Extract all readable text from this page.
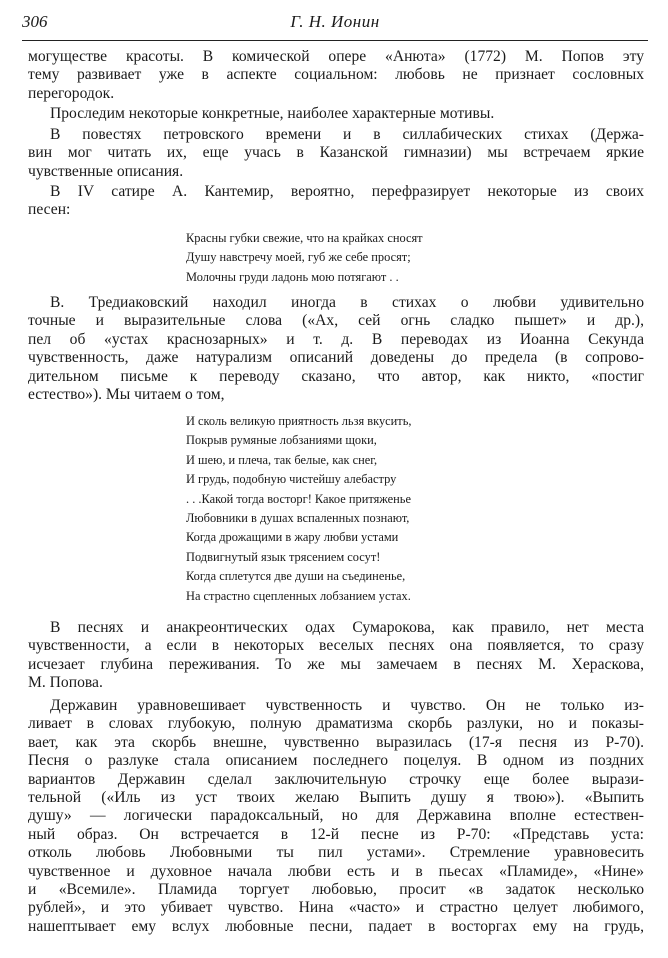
306	Г. Н. Ионин
могуществе красоты. В комической опере «Анюта» (1772) М. Попов эту
тему развивает уже в аспекте социальном: любовь не признает сословных
перегородок.
Проследим некоторые конкретные, наиболее характерные мотивы.
В повестях петровского времени и в силлабических стихах (Держа-
вин мог читать их, еще учась в Казанской гимназии) мы встречаем яркие
чувственные описания.
В IV сатире А. Кантемир, вероятно, перефразирует некоторые из своих
песен:
Красны губки свежие, что на крайках сносят
Душу навстречу моей, губ же себе просят;
Молочны груди ладонь мою потягают . .
В. Тредиаковский находил иногда в стихах о любви удивительно
точные и выразительные слова («Ах, сей огнь сладко пышет» и др.),
пел об «устах краснозарных» и т. д. В переводах из Иоанна Секунда
чувственность, даже натурализм описаний доведены до предела (в сопрово-
дительном письме к переводу сказано, что автор, как никто, «постиг
естество»). Мы читаем о том,
И сколь великую приятность льзя вкусить,
Покрыв румяные лобзаниями щоки,
И шею, и плеча, так белые, как снег,
И грудь, подобную чистейшу алебастру
. . .Какой тогда восторг! Какое притяженье
Любовники в душах вспаленных познают,
Когда дрожащими в жару любви устами
Подвигнутый язык трясением сосут!
Когда сплетутся две души на съединенье,
На страстно сцепленных лобзанием устах.
В песнях и анакреонтических одах Сумарокова, как правило, нет места
чувственности, а если в некоторых веселых песнях она появляется, то сразу
исчезает глубина переживания. То же мы замечаем в песнях М. Хераскова,
М. Попова.
Державин уравновешивает чувственность и чувство. Он не только из-
ливает в словах глубокую, полную драматизма скорбь разлуки, но и показы-
вает, как эта скорбь внешне, чувственно выразилась (17-я песня из Р-70).
Песня о разлуке стала описанием последнего поцелуя. В одном из поздних
вариантов Державин сделал заключительную строчку еще более вырази-
тельной («Иль из уст твоих желаю Выпить душу я твою»). «Выпить
душу» — логически парадоксальный, но для Державина вполне естествен-
ный образ. Он встречается в 12-й песне из Р-70: «Представь уста:
отколь любовь Любовными ты пил устами». Стремление уравновесить
чувственное и духовное начала любви есть и в пьесах «Пламиде», «Нине»
и «Всемиле». Пламида торгует любовью, просит «в задаток несколько
рублей», и это убивает чувство. Нина «часто» и страстно целует любимого,
нашептывает ему вслух любовные песни, падает в восторгах ему на грудь,
